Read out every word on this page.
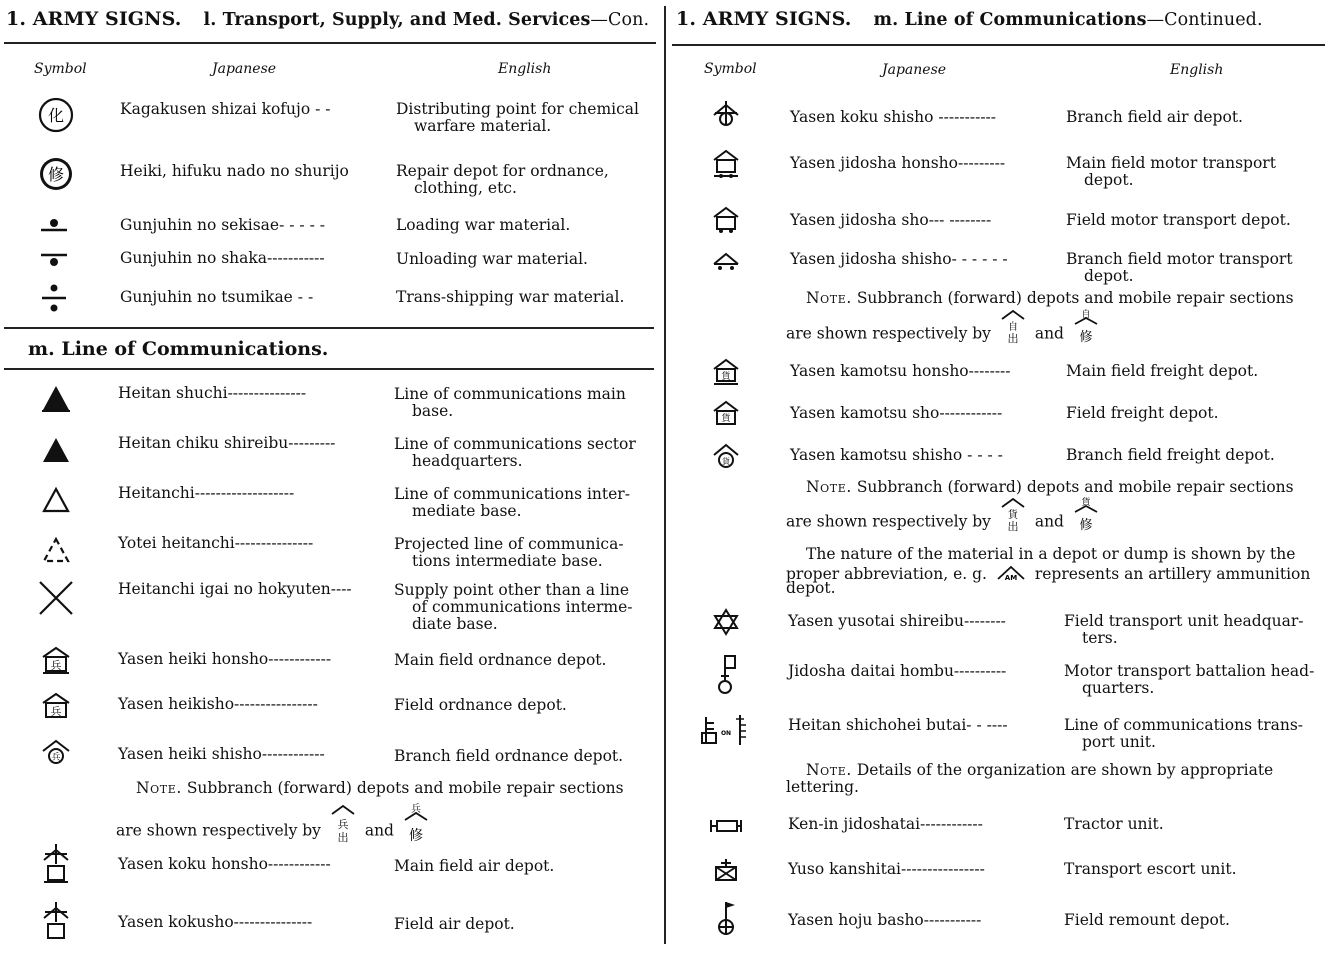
1. ARMY SIGNS. l. Transport, Supply, and Med. Services—Con.
Symbol	Japanese	English
化	Kagakusen shizai kofujo - -	Distributing point for chemical
warfare material.
修	Heiki, hifuku nado no shurijo	Repair depot for ordnance,
clothing, etc.
Gunjuhin no sekisae- - - - -	Loading war material.
Gunjuhin no shaka-----------	Unloading war material.
Gunjuhin no tsumikae - -	Trans-shipping war material.
m. Line of Communications.
Heitan shuchi---------------	Line of communications main
base.
Heitan chiku shireibu---------	Line of communications sector
headquarters.
Heitanchi-------------------	Line of communications inter-
mediate base.
Yotei heitanchi---------------	Projected line of communica-
tions intermediate base.
Heitanchi igai no hokyuten----	Supply point other than a line
of communications interme-
diate base.
兵	Yasen heiki honsho------------	Main field ordnance depot.
兵	Yasen heikisho----------------	Field ordnance depot.
兵	Yasen heiki shisho------------	Branch field ordnance depot.
Note. Subbranch (forward) depots and mobile repair sections
are shown respectively by 兵
出 and
兵
修
Yasen koku honsho------------	Main field air depot.
Yasen kokusho---------------	Field air depot.
1. ARMY SIGNS. m. Line of Communications—Continued.
Symbol	Japanese	English
Yasen koku shisho -----------	Branch field air depot.
Yasen jidosha honsho---------	Main field motor transport
depot.
Yasen jidosha sho--- --------	Field motor transport depot.
Yasen jidosha shisho- - - - - -	Branch field motor transport
depot.
Note. Subbranch (forward) depots and mobile repair sections
are shown respectively by 自
出 and
自
修
貨	Yasen kamotsu honsho--------	Main field freight depot.
貨	Yasen kamotsu sho------------	Field freight depot.
貨	Yasen kamotsu shisho - - - -	Branch field freight depot.
Note. Subbranch (forward) depots and mobile repair sections
are shown respectively by 貨
出 and
貨
修
The nature of the material in a depot or dump is shown by the
proper abbreviation, e. g.	AM represents an artillery ammunition
depot.
Yasen yusotai shireibu--------	Field transport unit headquar-
ters.
Jidosha daitai hombu----------	Motor transport battalion head-
quarters.
ON	Heitan shichohei butai- - ----	Line of communications trans-
port unit.
Note. Details of the organization are shown by appropriate
lettering.
Ken-in jidoshatai------------	Tractor unit.
Yuso kanshitai----------------	Transport escort unit.
Yasen hoju basho-----------	Field remount depot.
